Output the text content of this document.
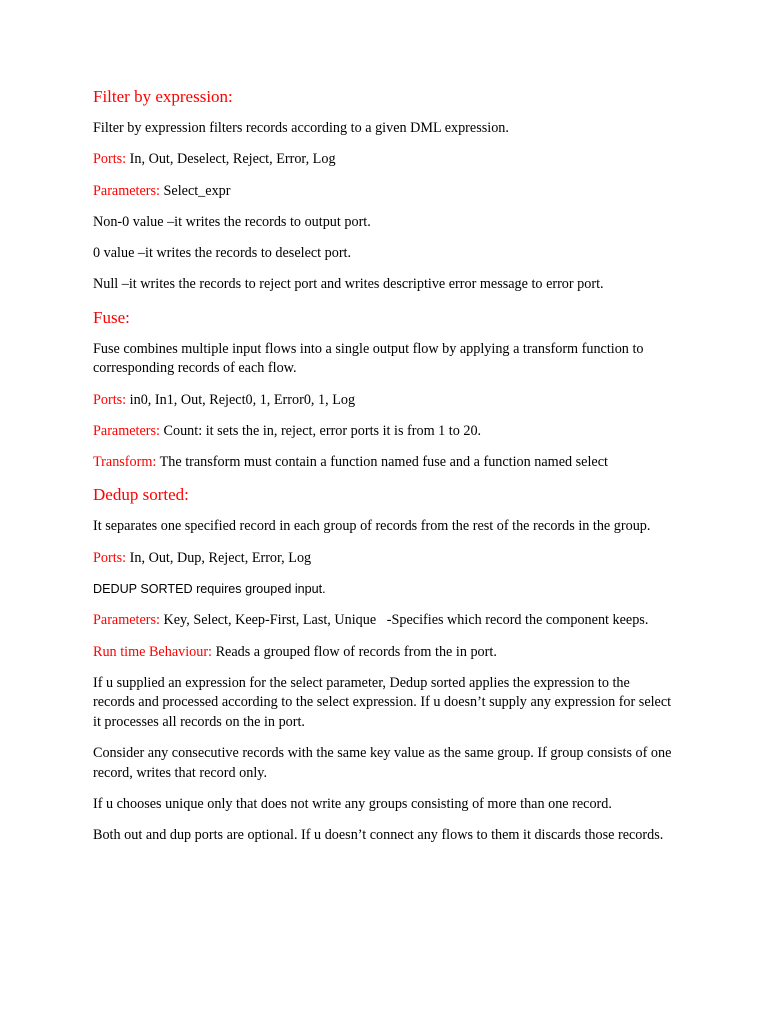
Filter by expression:

Filter by expression filters records according to a given DML expression.

Ports: In, Out, Deselect, Reject, Error, Log

Parameters: Select_expr

Non-0 value –it writes the records to output port.

0 value –it writes the records to deselect port.

Null –it writes the records to reject port and writes descriptive error message to error port.

Fuse:

Fuse combines multiple input flows into a single output flow by applying a transform function to corresponding records of each flow.

Ports: in0, In1, Out, Reject0, 1, Error0, 1, Log

Parameters: Count: it sets the in, reject, error ports it is from 1 to 20.

Transform: The transform must contain a function named fuse and a function named select

Dedup sorted:

It separates one specified record in each group of records from the rest of the records in the group.

Ports: In, Out, Dup, Reject, Error, Log

DEDUP SORTED requires grouped input.

Parameters: Key, Select, Keep-First, Last, Unique   -Specifies which record the component keeps.

Run time Behaviour: Reads a grouped flow of records from the in port.

If u supplied an expression for the select parameter, Dedup sorted applies the expression to the records and processed according to the select expression. If u doesn’t supply any expression for select it processes all records on the in port.

Consider any consecutive records with the same key value as the same group. If group consists of one record, writes that record only.

If u chooses unique only that does not write any groups consisting of more than one record.

Both out and dup ports are optional. If u doesn’t connect any flows to them it discards those records.
